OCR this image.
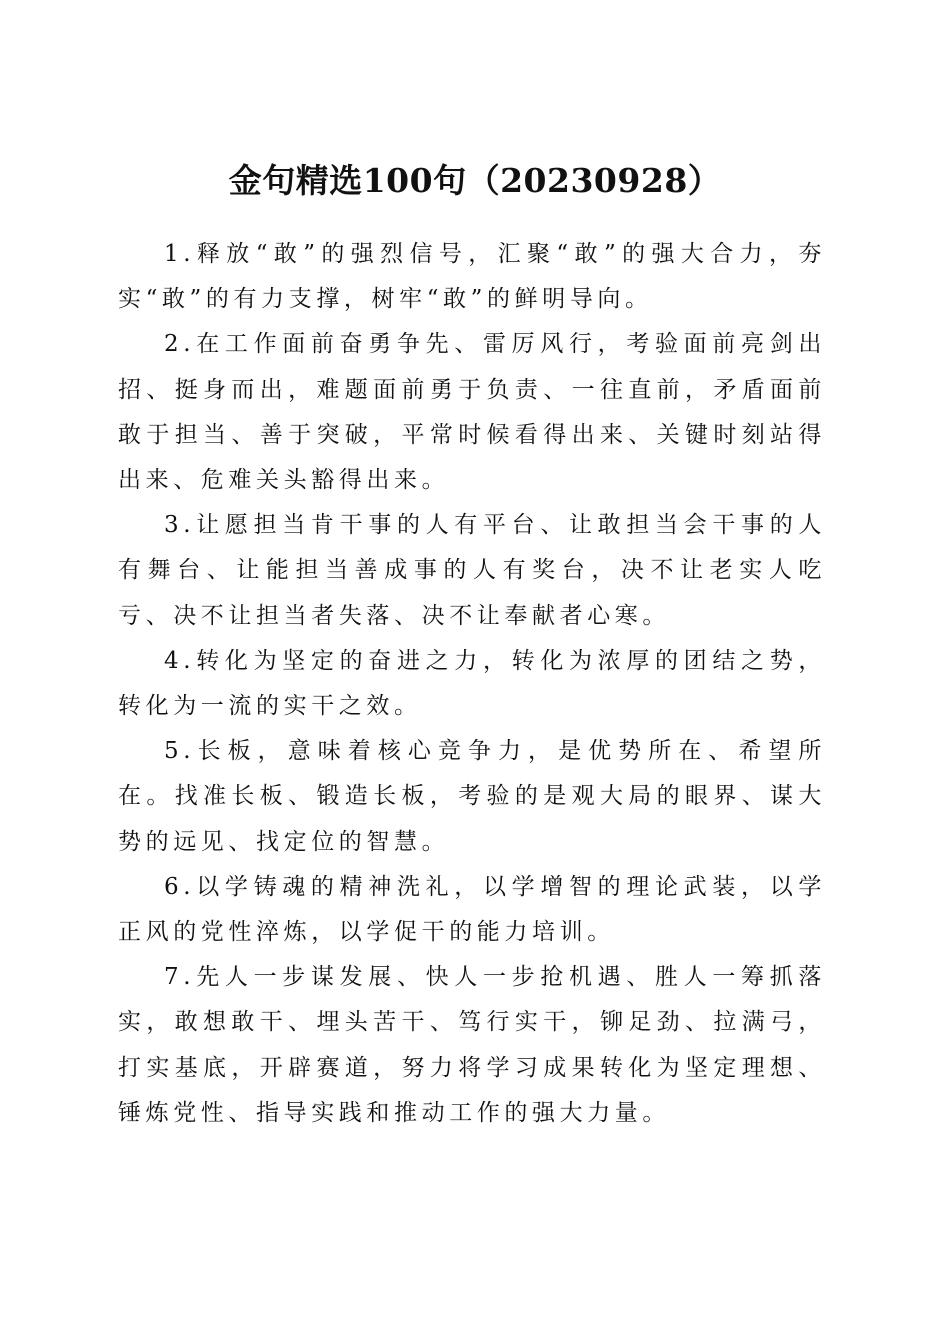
金句精选100句（20230928）

1.释放“敢”的强烈信号，汇聚“敢”的强大合力，夯实“敢”的有力支撑，树牢“敢”的鲜明导向。

2.在工作面前奋勇争先、雷厉风行，考验面前亮剑出招、挺身而出，难题面前勇于负责、一往直前，矛盾面前敢于担当、善于突破，平常时候看得出来、关键时刻站得出来、危难关头豁得出来。

3.让愿担当肯干事的人有平台、让敢担当会干事的人有舞台、让能担当善成事的人有奖台，决不让老实人吃亏、决不让担当者失落、决不让奉献者心寒。

4.转化为坚定的奋进之力，转化为浓厚的团结之势，转化为一流的实干之效。

5.长板，意味着核心竞争力，是优势所在、希望所在。找准长板、锻造长板，考验的是观大局的眼界、谋大势的远见、找定位的智慧。

6.以学铸魂的精神洗礼，以学增智的理论武装，以学正风的党性淬炼，以学促干的能力培训。

7.先人一步谋发展、快人一步抢机遇、胜人一筹抓落实，敢想敢干、埋头苦干、笃行实干，铆足劲、拉满弓，打实基底，开辟赛道，努力将学习成果转化为坚定理想、锤炼党性、指导实践和推动工作的强大力量。
